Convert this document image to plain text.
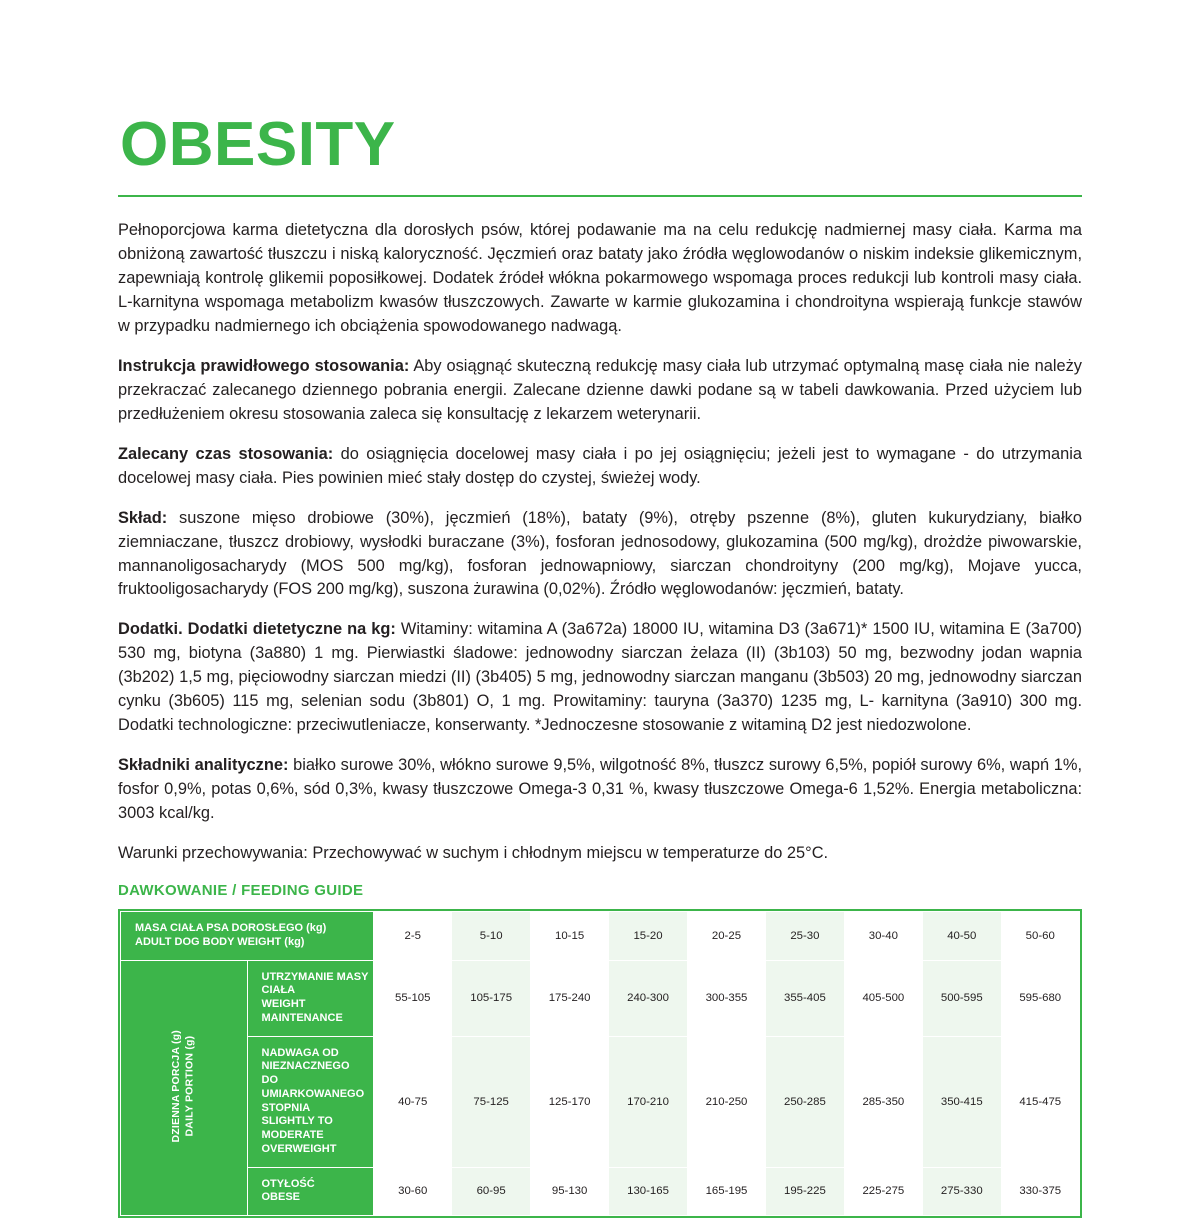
OBESITY

Pełnoporcjowa karma dietetyczna dla dorosłych psów, której podawanie ma na celu redukcję nadmiernej masy ciała. Karma ma obniżoną zawartość tłuszczu i niską kaloryczność. Jęczmień oraz bataty jako źródła węglowodanów o niskim indeksie glikemicznym, zapewniają kontrolę glikemii poposiłkowej. Dodatek źródeł włókna pokarmowego wspomaga proces redukcji lub kontroli masy ciała. L-karnityna wspomaga metabolizm kwasów tłuszczowych. Zawarte w karmie glukozamina i chondroityna wspierają funkcje stawów w przypadku nadmiernego ich obciążenia spowodowanego nadwagą.

Instrukcja prawidłowego stosowania: Aby osiągnąć skuteczną redukcję masy ciała lub utrzymać optymalną masę ciała nie należy przekraczać zalecanego dziennego pobrania energii. Zalecane dzienne dawki podane są w tabeli dawkowania. Przed użyciem lub przedłużeniem okresu stosowania zaleca się konsultację z lekarzem weterynarii.

Zalecany czas stosowania: do osiągnięcia docelowej masy ciała i po jej osiągnięciu; jeżeli jest to wymagane - do utrzymania docelowej masy ciała. Pies powinien mieć stały dostęp do czystej, świeżej wody.

Skład: suszone mięso drobiowe (30%), jęczmień (18%), bataty (9%), otręby pszenne (8%), gluten kukurydziany, białko ziemniaczane, tłuszcz drobiowy, wysłodki buraczane (3%), fosforan jednosodowy, glukozamina (500 mg/kg), drożdże piwowarskie, mannanoligosacharydy (MOS 500 mg/kg), fosforan jednowapniowy, siarczan chondroityny (200 mg/kg), Mojave yucca, fruktooligosacharydy (FOS 200 mg/kg), suszona żurawina (0,02%). Źródło węglowodanów: jęczmień, bataty.

Dodatki. Dodatki dietetyczne na kg: Witaminy: witamina A (3a672a) 18000 IU, witamina D3 (3a671)* 1500 IU, witamina E (3a700) 530 mg, biotyna (3a880) 1 mg. Pierwiastki śladowe: jednowodny siarczan żelaza (II) (3b103) 50 mg, bezwodny jodan wapnia (3b202) 1,5 mg, pięciowodny siarczan miedzi (II) (3b405) 5 mg, jednowodny siarczan manganu (3b503) 20 mg, jednowodny siarczan cynku (3b605) 115 mg, selenian sodu (3b801) O, 1 mg. Prowitaminy: tauryna (3a370) 1235 mg, L- karnityna (3a910) 300 mg. Dodatki technologiczne: przeciwutleniacze, konserwanty. *Jednoczesne stosowanie z witaminą D2 jest niedozwolone.

Składniki analityczne: białko surowe 30%, włókno surowe 9,5%, wilgotność 8%, tłuszcz surowy 6,5%, popiół surowy 6%, wapń 1%, fosfor 0,9%, potas 0,6%, sód 0,3%, kwasy tłuszczowe Omega-3 0,31 %, kwasy tłuszczowe Omega-6 1,52%. Energia metaboliczna: 3003 kcal/kg.

Warunki przechowywania: Przechowywać w suchym i chłodnym miejscu w temperaturze do 25°C.

DAWKOWANIE / FEEDING GUIDE
MASA CIAŁA PSA DOROSŁEGO (kg)
ADULT DOG BODY WEIGHT (kg)		2-5	5-10	10-15	15-20	20-25	25-30	30-40	40-50	50-60
DZIENNA PORCJA (g) DAILY PORTION (g)	
UTRZYMANIE MASY CIAŁA
WEIGHT MAINTENANCE
	55-105	105-175	175-240	240-300	300-355	355-405	405-500	500-595	595-680

	NADWAGA OD NIEZNACZNEGO
DO UMIARKOWANEGO STOPNIA
SLIGHTLY TO MODERATE
OVERWEIGHT	40-75	75-125	125-170	170-210	210-250	250-285	285-350	350-415	415-475

	OTYŁOŚĆ
OBESE	30-60	60-95	95-130	130-165	165-195	195-225	225-275	275-330	330-375
